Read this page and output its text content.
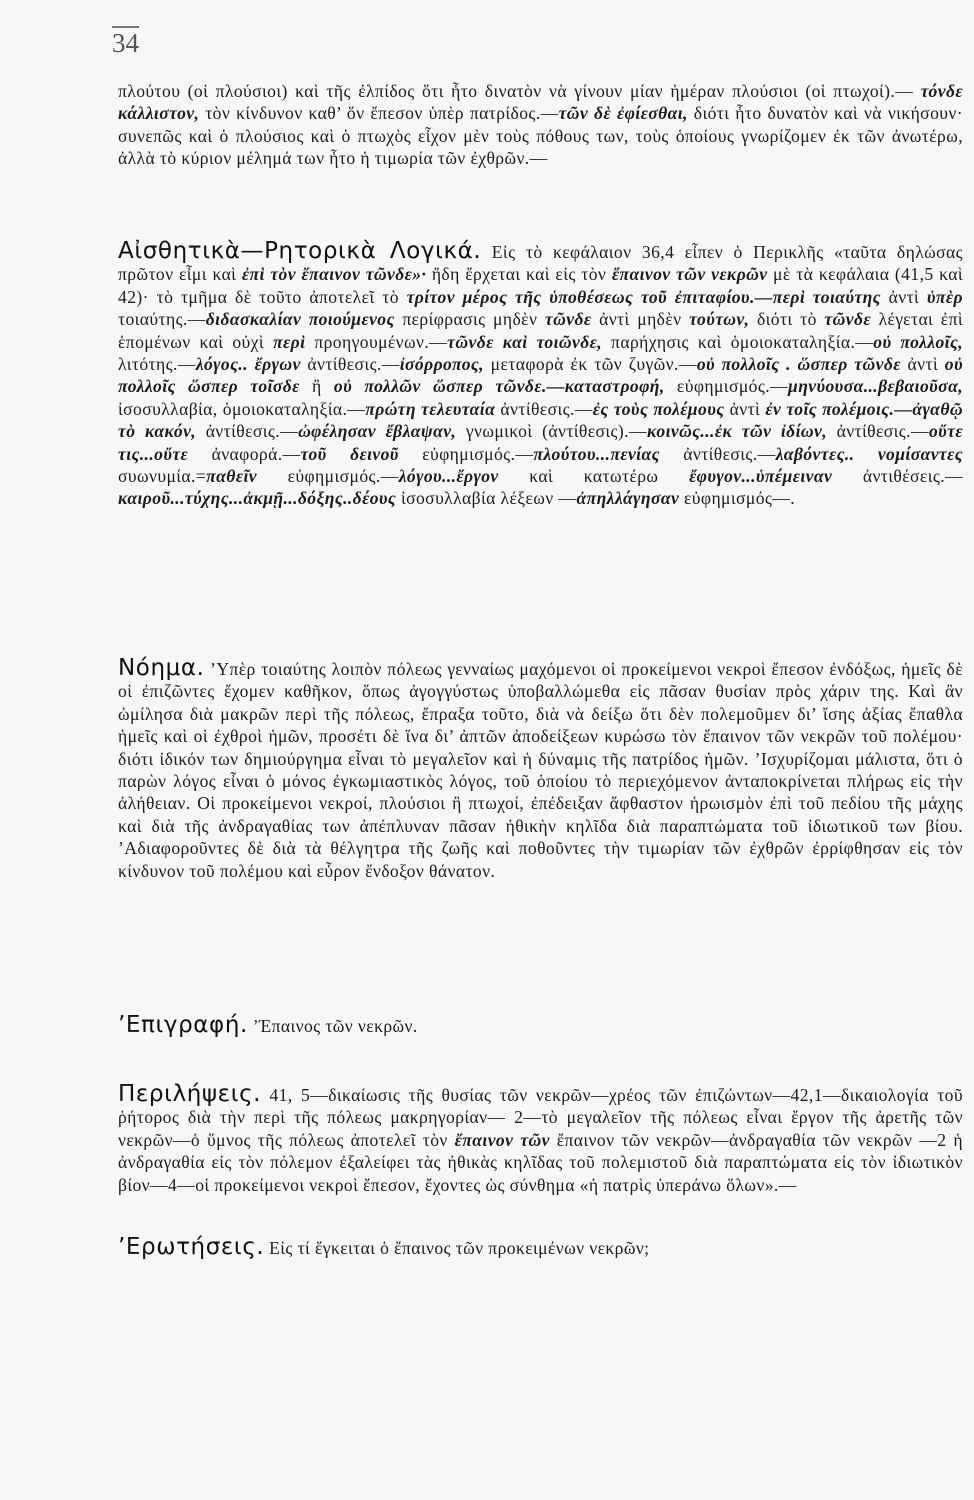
34
πλούτου (οἱ πλούσιοι) καὶ τῆς ἐλπίδος ὅτι ἦτο δινατὸν νὰ γίνουν μίαν ἡμέραν πλούσιοι (οἱ πτωχοί).— τόνδε κάλλιστον, τὸν κίνδυνον καθ’ ὅν ἔπεσον ὑπὲρ πατρίδος.—τῶν δὲ ἐφίεσθαι, διότι ἦτο δυνατὸν καὶ νὰ νικήσουν· συνεπῶς καὶ ὁ πλούσιος καὶ ὁ πτωχὸς εἶχον μὲν τοὺς πόθους των, τοὺς ὁποίους γνωρίζομεν ἐκ τῶν ἀνωτέρω, ἀλλὰ τὸ κύριον μέλημά των ἦτο ἡ τιμωρία τῶν ἐχθρῶν.—
Αἰσθητικὰ—Ρητορικὰ Λογικά. Εἰς τὸ κεφάλαιον 36,4 εἶπεν ὁ Περικλῆς «ταῦτα δηλώσας πρῶτον εἶμι καὶ ἐπὶ τὸν ἔπαινον τῶνδε»· ἤδη ἔρχεται καὶ εἰς τὸν ἔπαινον τῶν νεκρῶν μὲ τὰ κεφάλαια (41,5 καὶ 42)· τὸ τμῆμα δὲ τοῦτο ἀποτελεῖ τὸ τρίτον μέρος τῆς ὑποθέσεως τοῦ ἐπιταφίου.—περὶ τοιαύτης ἀντὶ ὑπὲρ τοιαύτης.—διδασκαλίαν ποιούμενος περίφρασις μηδὲν τῶνδε ἀντὶ μηδὲν τούτων, διότι τὸ τῶνδε λέγεται ἐπὶ ἑπομένων καὶ οὐχὶ περὶ προηγουμένων.—τῶνδε καὶ τοιῶνδε, παρήχησις καὶ ὁμοιοκαταληξία.—οὐ πολλοῖς, λιτότης.—λόγος.. ἔργων ἀντίθεσις.—ἰσόρροπος, μεταφορὰ ἐκ τῶν ζυγῶν.—οὐ πολλοῖς . ὥσπερ τῶνδε ἀντὶ οὐ πολλοῖς ὥσπερ τοῖσδε ἢ οὐ πολλῶν ὥσπερ τῶνδε.—καταστροφή, εὐφημισμός.—μηνύουσα...βεβαιοῦσα, ἰσοσυλλαβία, ὁμοιοκαταληξία.—πρώτη τελευταία ἀντίθεσις.—ἐς τοὺς πολέμους ἀντὶ ἐν τοῖς πολέμοις.—ἀγαθῷ τὸ κακόν, ἀντίθεσις.—ὠφέλησαν ἔβλαψαν, γνωμικοὶ (ἀντίθεσις).—κοινῶς...ἐκ τῶν ἰδίων, ἀντίθεσις.—οὔτε τις...οὔτε ἀναφορά.—τοῦ δεινοῦ εὐφημισμός.—πλούτου...πενίας ἀντίθεσις.—λαβόντες.. νομίσαντες συωνυμία.=παθεῖν εὐφημισμός.—λόγου...ἔργον καὶ κατωτέρω ἔφυγον...ὑπέμειναν ἀντιθέσεις.—καιροῦ...τύχης...ἀκμῇ...δόξης..δέους ἰσοσυλλαβία λέξεων —ἀπηλλάγησαν εὐφημισμός—.
Νόημα. ’Υπὲρ τοιαύτης λοιπὸν πόλεως γενναίως μαχόμενοι οἱ προκείμενοι νεκροὶ ἔπεσον ἐνδόξως, ἡμεῖς δὲ οἱ ἐπιζῶντες ἔχομεν καθῆκον, ὅπως ἀγογγύστως ὑποβαλλώμεθα εἰς πᾶσαν θυσίαν πρὸς χάριν της. Καὶ ἂν ὡμίλησα διὰ μακρῶν περὶ τῆς πόλεως, ἔπραξα τοῦτο, διὰ νὰ δείξω ὅτι δὲν πολεμοῦμεν δι’ ἴσης ἀξίας ἔπαθλα ἡμεῖς καὶ οἱ ἐχθροὶ ἡμῶν, προσέτι δὲ ἵνα δι’ ἀπτῶν ἀποδείξεων κυρώσω τὸν ἔπαινον τῶν νεκρῶν τοῦ πολέμου· διότι ἰδικόν των δημιούργημα εἶναι τὸ μεγαλεῖον καὶ ἡ δύναμις τῆς πατρίδος ἡμῶν. ’Ισχυρίζομαι μάλιστα, ὅτι ὁ παρὼν λόγος εἶναι ὁ μόνος ἐγκωμιαστικὸς λόγος, τοῦ ὁποίου τὸ περιεχόμενον ἀνταποκρίνεται πλήρως εἰς τὴν ἀλήθειαν. Οἱ προκείμενοι νεκροί, πλούσιοι ἢ πτωχοί, ἐπέδειξαν ἄφθαστον ἡρωισμὸν ἐπὶ τοῦ πεδίου τῆς μάχης καὶ διὰ τῆς ἀνδραγαθίας των ἀπέπλυναν πᾶσαν ἠθικὴν κηλῖδα διὰ παραπτώματα τοῦ ἰδιωτικοῦ των βίου. ’Αδιαφοροῦντες δὲ διὰ τὰ θέλγητρα τῆς ζωῆς καὶ ποθοῦντες τὴν τιμωρίαν τῶν ἐχθρῶν ἐρρίφθησαν εἰς τὸν κίνδυνον τοῦ πολέμου καὶ εὗρον ἔνδοξον θάνατον.
’Επιγραφή. ’Έπαινος τῶν νεκρῶν.
Περιλήψεις. 41, 5—δικαίωσις τῆς θυσίας τῶν νεκρῶν—χρέος τῶν ἐπιζώντων—42,1—δικαιολογία τοῦ ῥήτορος διὰ τὴν περὶ τῆς πόλεως μακρηγορίαν— 2—τὸ μεγαλεῖον τῆς πόλεως εἶναι ἔργον τῆς ἀρετῆς τῶν νεκρῶν—ὁ ὕμνος τῆς πόλεως ἀποτελεῖ τὸν ἔπαινον τῶν ἔπαινον τῶν νεκρῶν—ἀνδραγαθία τῶν νεκρῶν —2 ἡ ἀνδραγαθία εἰς τὸν πόλεμον ἐξαλείφει τὰς ἠθικὰς κηλῖδας τοῦ πολεμιστοῦ διὰ παραπτώματα εἰς τὸν ἰδιωτικὸν βίον—4—οἱ προκείμενοι νεκροὶ ἔπεσον, ἔχοντες ὡς σύνθημα «ἡ πατρὶς ὑπεράνω ὅλων».—
’Ερωτήσεις. Εἰς τί ἔγκειται ὁ ἔπαινος τῶν προκειμένων νεκρῶν;
